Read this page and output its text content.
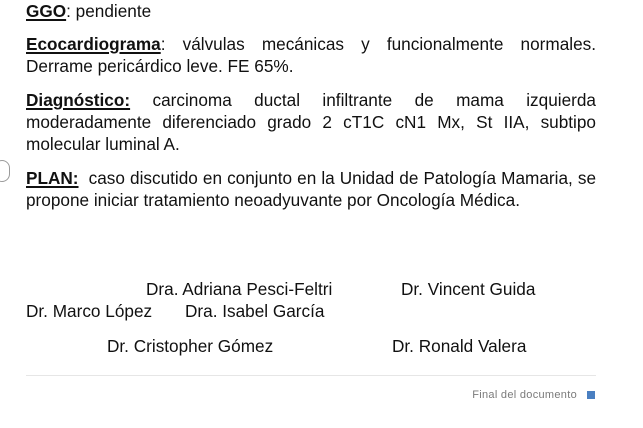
GGO: pendiente

Ecocardiograma: válvulas mecánicas y funcionalmente normales. Derrame pericárdico leve. FE 65%.

Diagnóstico: carcinoma ductal infiltrante de mama izquierda moderadamente diferenciado grado 2 cT1C cN1 Mx, St IIA, subtipo molecular luminal A.

PLAN:  caso discutido en conjunto en la Unidad de Patología Mamaria, se propone iniciar tratamiento neoadyuvante por Oncología Médica.

Dra. Adriana Pesci-Feltri	Dr. Vincent Guida
Dr. Marco López Dra. Isabel García
Dr. Cristopher Gómez	Dr. Ronald Valera
Final del documento
